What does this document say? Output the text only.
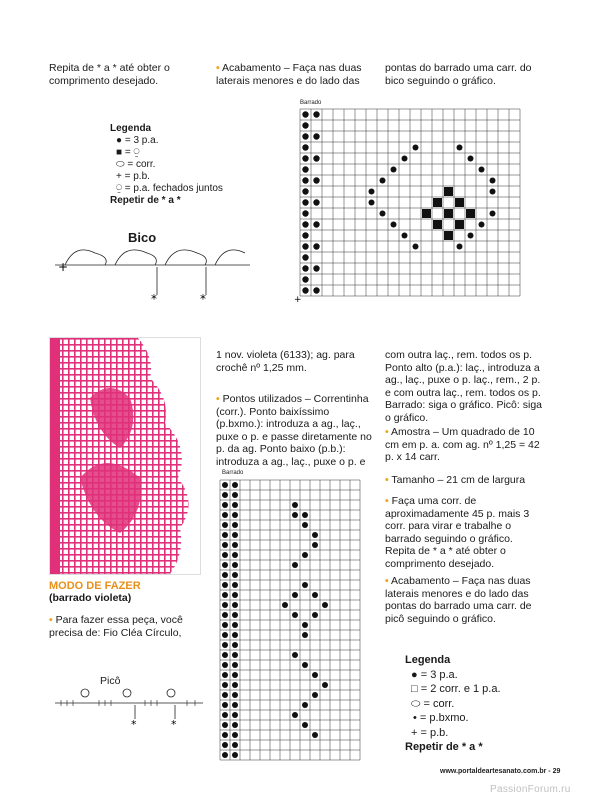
Repita de * a * até obter o comprimento desejado.
• Acabamento – Faça nas duas laterais menores e do lado das
pontas do barrado uma carr. do bico seguindo o gráfico.
Legenda
● = 3 p.a.
■ = ⍜
⬭ = corr.
+ = p.b.
⍜ = p.a. fechados juntos
Repetir de * a *
Bico
*	*
+
Barrado
+
MODO DE FAZER
(barrado violeta)
• Para fazer essa peça, você precisa de: Fio Cléa Círculo,
Picô
*	*
1 nov. violeta (6133); ag. para crochê nº 1,25 mm.
• Pontos utilizados – Correntinha (corr.). Ponto baixíssimo (p.bxmo.): introduza a ag., laç., puxe o p. e passe diretamente no p. da ag. Ponto baixo (p.b.): introduza a ag., laç., puxe o p. e
Barrado
com outra laç., rem. todos os p. Ponto alto (p.a.): laç., introduza a ag., laç., puxe o p. laç., rem., 2 p. e com outra laç., rem. todos os p. Barrado: siga o gráfico. Picô: siga o gráfico.
• Amostra – Um quadrado de 10 cm em p. a. com ag. nº 1,25 = 42 p. x 14 carr.
• Tamanho – 21 cm de largura
• Faça uma corr. de aproximadamente 45 p. mais 3 corr. para virar e trabalhe o barrado seguindo o gráfico. Repita de * a * até obter o comprimento desejado.
• Acabamento – Faça nas duas laterais menores e do lado das pontas do barrado uma carr. de picô seguindo o gráfico.
Legenda
● = 3 p.a.
□ = 2 corr. e 1 p.a.
⬭ = corr.
• = p.bxmo.
+ = p.b.
Repetir de * a *
www.portaldeartesanato.com.br - 29
PassionForum.ru
